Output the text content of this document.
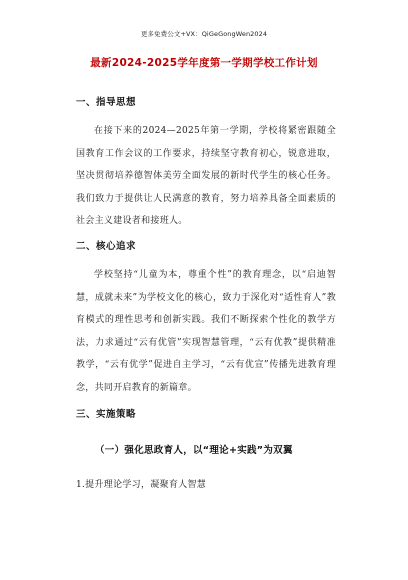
更多免费公文+VX：QiGeGongWen2024
最新2024-2025学年度第一学期学校工作计划
一、指导思想
在接下来的2024—2025年第一学期，学校将紧密跟随全国教育工作会议的工作要求，持续坚守教育初心，锐意进取，坚决贯彻培养德智体美劳全面发展的新时代学生的核心任务。我们致力于提供让人民满意的教育，努力培养具备全面素质的社会主义建设者和接班人。
二、核心追求
学校坚持“儿童为本，尊重个性”的教育理念，以“启迪智慧，成就未来”为学校文化的核心，致力于深化对“适性育人”教育模式的理性思考和创新实践。我们不断探索个性化的教学方法，力求通过“云有优管”实现智慧管理，“云有优教”提供精准教学，“云有优学”促进自主学习，“云有优宣”传播先进教育理念，共同开启教育的新篇章。
三、实施策略
（一）强化思政育人，以“理论+实践”为双翼
1.提升理论学习，凝聚育人智慧
